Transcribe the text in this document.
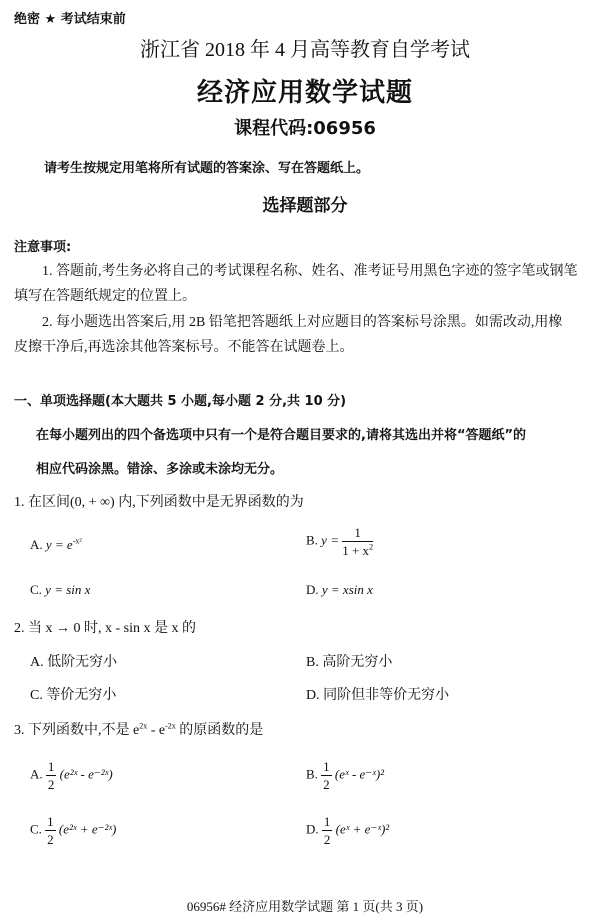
绝密 ★ 考试结束前
浙江省 2018 年 4 月高等教育自学考试
经济应用数学试题
课程代码:06956
请考生按规定用笔将所有试题的答案涂、写在答题纸上。
选择题部分
注意事项:
1. 答题前,考生务必将自己的考试课程名称、姓名、准考证号用黑色字迹的签字笔或钢笔
填写在答题纸规定的位置上。
2. 每小题选出答案后,用 2B 铅笔把答题纸上对应题目的答案标号涂黑。如需改动,用橡
皮擦干净后,再选涂其他答案标号。不能答在试题卷上。
一、单项选择题(本大题共 5 小题,每小题 2 分,共 10 分)
在每小题列出的四个备选项中只有一个是符合题目要求的,请将其选出并将“答题纸”的
相应代码涂黑。错涂、多涂或未涂均无分。
1. 在区间(0, + ∞) 内,下列函数中是无界函数的为
A. $y = e^{-x^2}$	B. $y = \frac{1}{1 + x^2}$
C. y = sin x	D. y = xsin x
2. 当 x → 0 时, x - sin x 是 x 的
A. 低阶无穷小	B. 高阶无穷小
C. 等价无穷小	D. 同阶但非等价无穷小
3. 下列函数中,不是 $e^{2x} - e^{-2x}$ 的原函数的是
A. $\frac{1}{2}$ (e²ˣ - e⁻²ˣ)	B. $\frac{1}{2}$ (eˣ - e⁻ˣ)²
C. $\frac{1}{2}$ (e²ˣ + e⁻²ˣ)	D. $\frac{1}{2}$ (eˣ + e⁻ˣ)²
06956# 经济应用数学试题 第 1 页(共 3 页)
